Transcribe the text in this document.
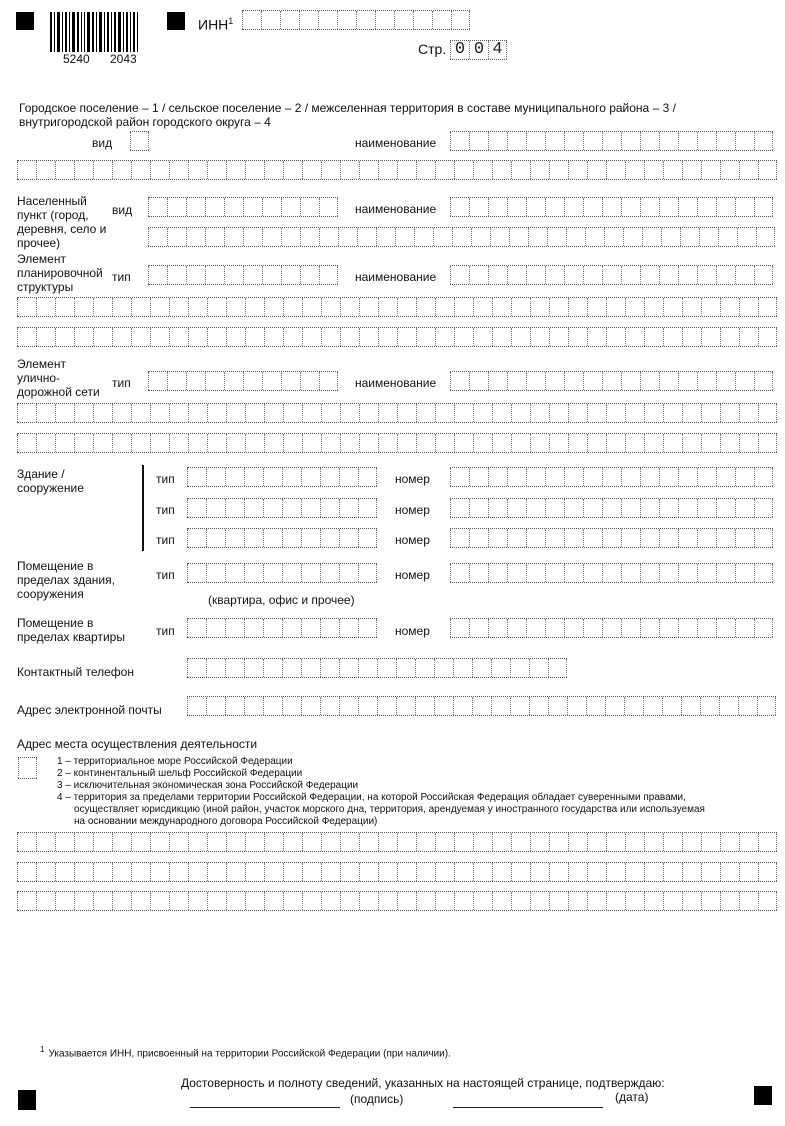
5240 2043
ИНН$^1$
Стр. 0 0 4
Городское поселение – 1 / сельское поселение – 2 / межселенная территория в составе муниципального района – 3 /
внутригородской район городского округа – 4
вид	наименование
Населенный пункт (город, деревня, село и прочее)
вид	наименование
Элемент планировочной структуры
тип	наименование
Элемент улично-дорожной сети
тип	наименование
Здание / сооружение
тип	номер
тип	номер
тип	номер
Помещение в пределах здания, сооружения
тип	номер
(квартира, офис и прочее)
Помещение в пределах квартиры	тип	номер
Контактный телефон
Адрес электронной почты
Адрес места осуществления деятельности
1 – территориальное море Российской Федерации
2 – континентальный шельф Российской Федерации
3 – исключительная экономическая зона Российской Федерации
4 – территория за пределами территории Российской Федерации, на которой Российская Федерация обладает суверенными правами,
осуществляет юрисдикцию (иной район, участок морского дна, территория, арендуемая у иностранного государства или используемая
на основании международного договора Российской Федерации)
$^1$ Указывается ИНН, присвоенный на территории Российской Федерации (при наличии).
Достоверность и полноту сведений, указанных на настоящей странице, подтверждаю:
(подпись)	(дата)
